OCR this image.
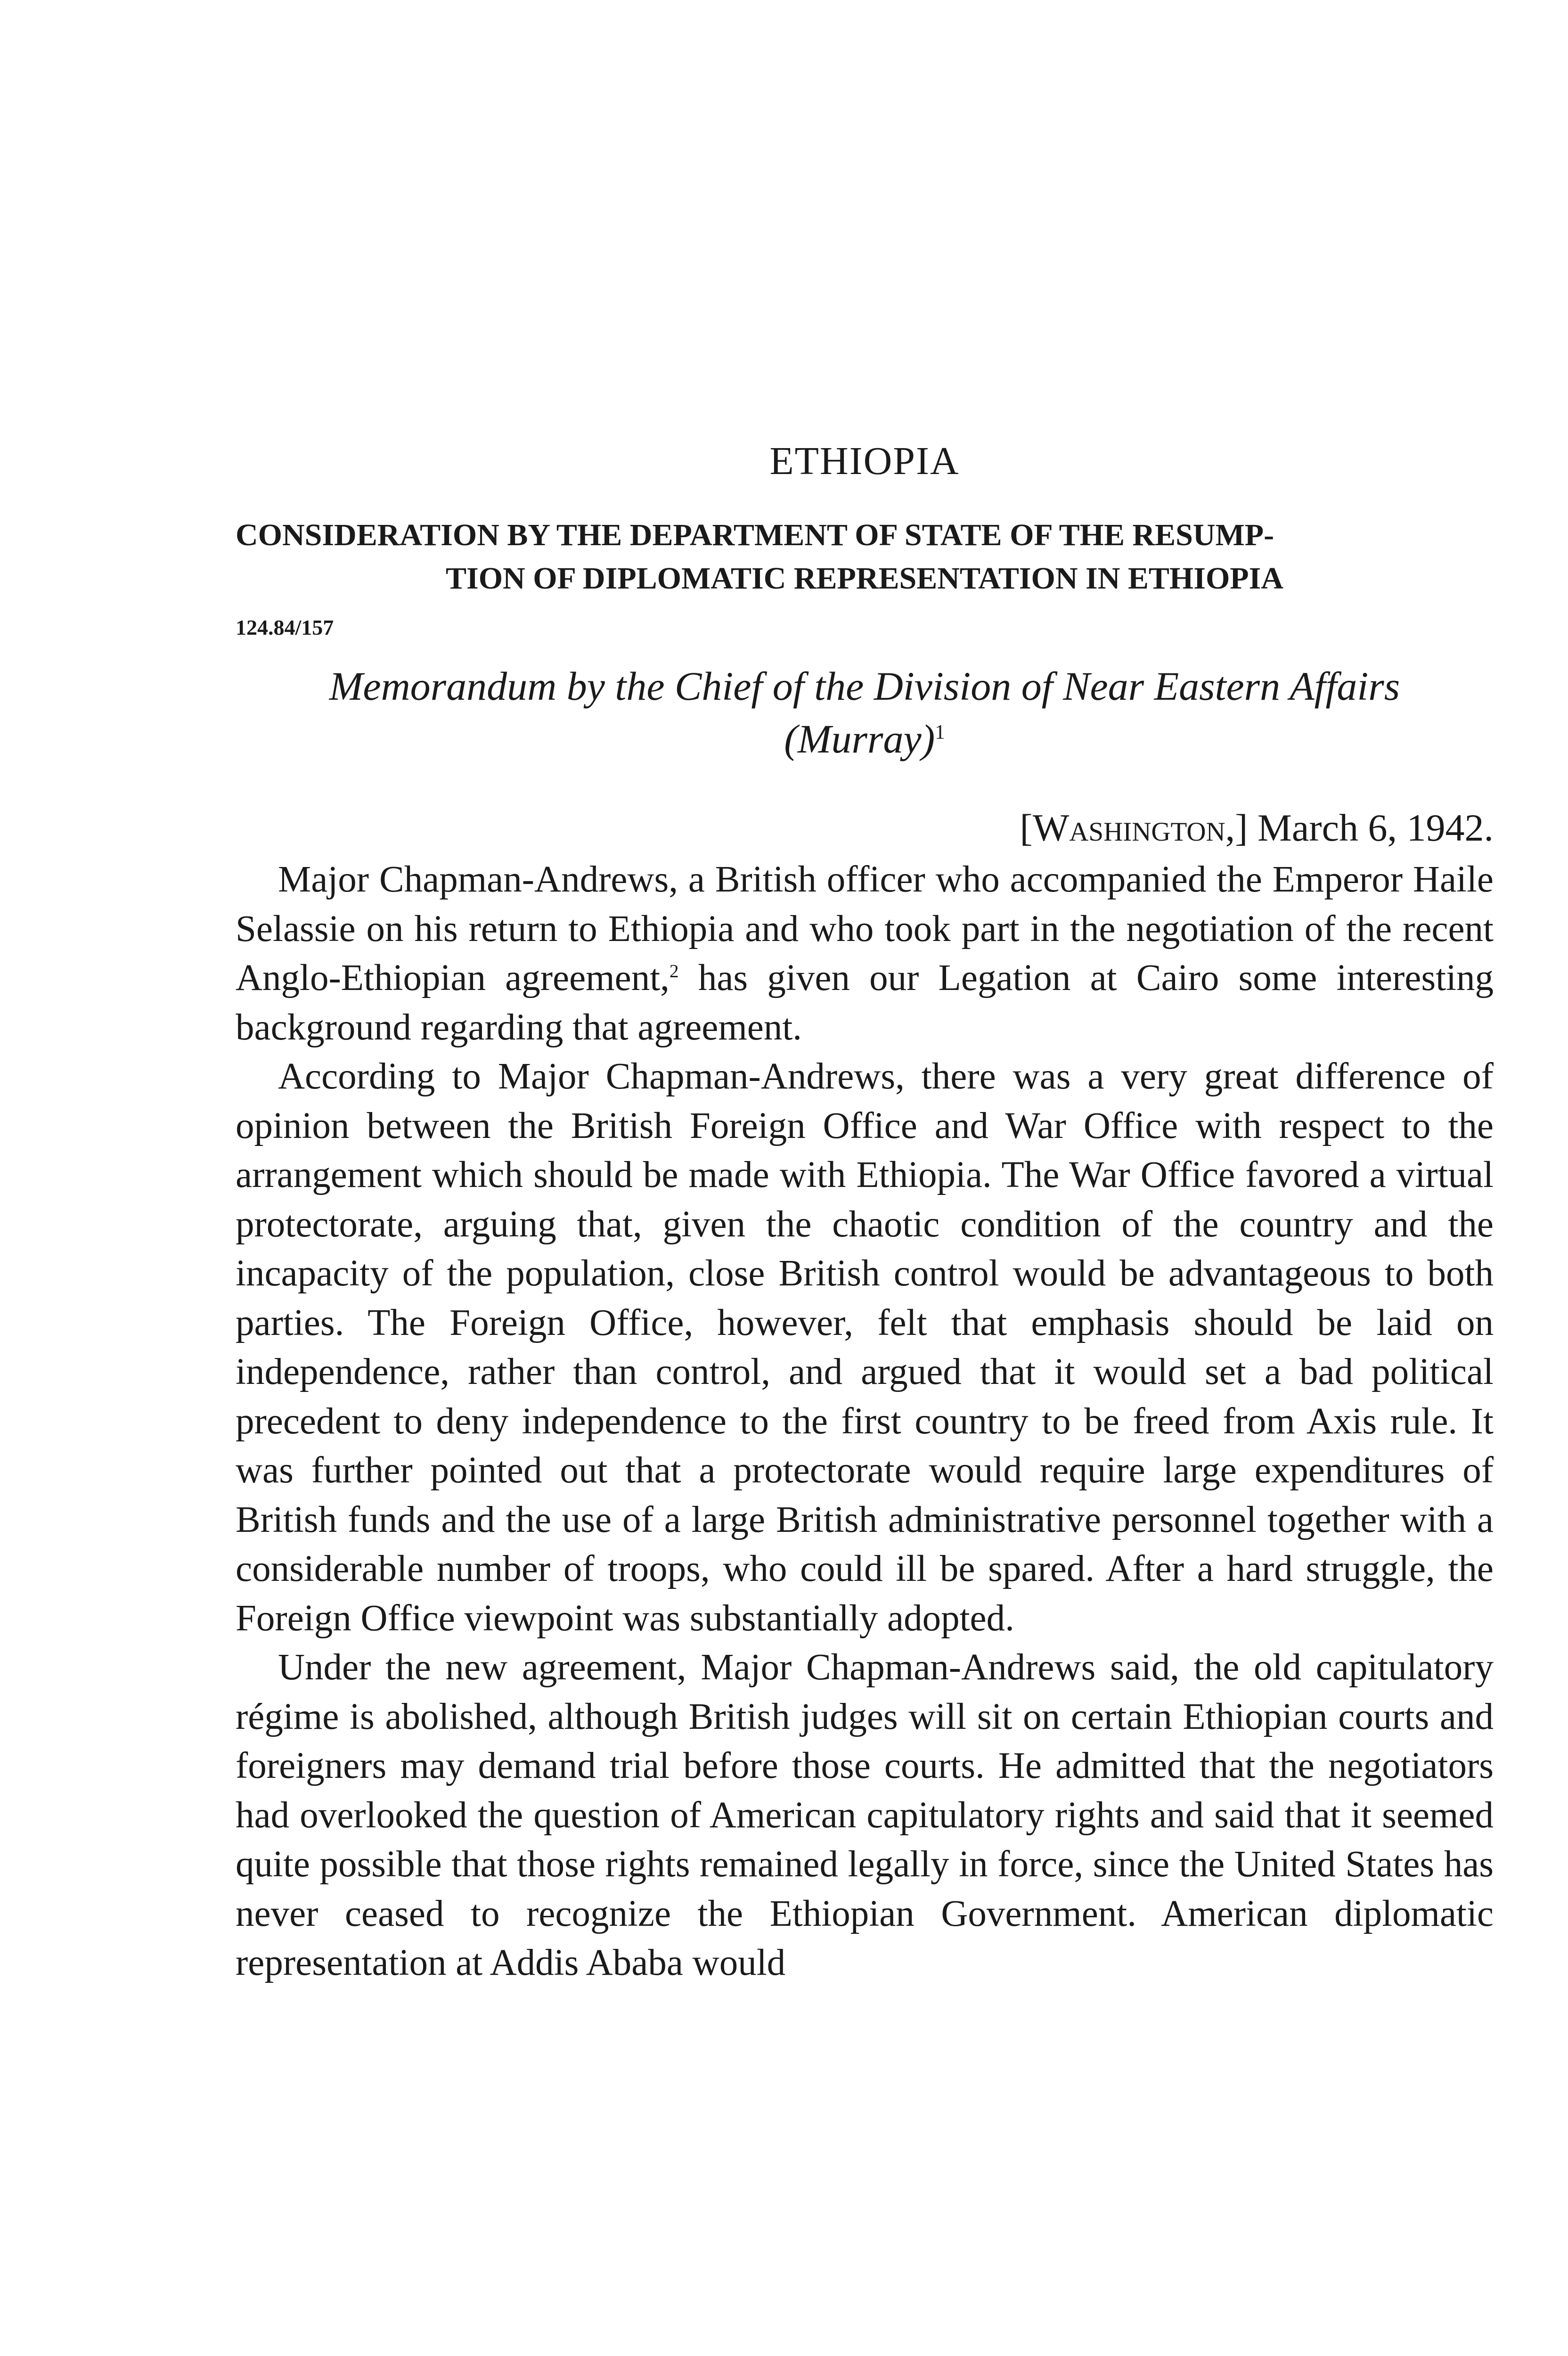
ETHIOPIA
CONSIDERATION BY THE DEPARTMENT OF STATE OF THE RESUMP-
TION OF DIPLOMATIC REPRESENTATION IN ETHIOPIA
124.84/157
Memorandum by the Chief of the Division of Near Eastern Affairs
(Murray)$^1$
[Washington,] March 6, 1942.

Major Chapman-Andrews, a British officer who accompanied the Emperor Haile Selassie on his return to Ethiopia and who took part in the negotiation of the recent Anglo-Ethiopian agreement,$^2$ has given our Legation at Cairo some interesting background regarding that agreement.

According to Major Chapman-Andrews, there was a very great difference of opinion between the British Foreign Office and War Office with respect to the arrangement which should be made with Ethiopia. The War Office favored a virtual protectorate, arguing that, given the chaotic condition of the country and the incapacity of the population, close British control would be advantageous to both parties. The Foreign Office, however, felt that emphasis should be laid on independence, rather than control, and argued that it would set a bad political precedent to deny independence to the first country to be freed from Axis rule. It was further pointed out that a protectorate would require large expenditures of British funds and the use of a large British administrative personnel together with a considerable number of troops, who could ill be spared. After a hard struggle, the Foreign Office viewpoint was substantially adopted.

Under the new agreement, Major Chapman-Andrews said, the old capitulatory régime is abolished, although British judges will sit on certain Ethiopian courts and foreigners may demand trial before those courts. He admitted that the negotiators had overlooked the question of American capitulatory rights and said that it seemed quite possible that those rights remained legally in force, since the United States has never ceased to recognize the Ethiopian Government. American diplomatic representation at Addis Ababa would
